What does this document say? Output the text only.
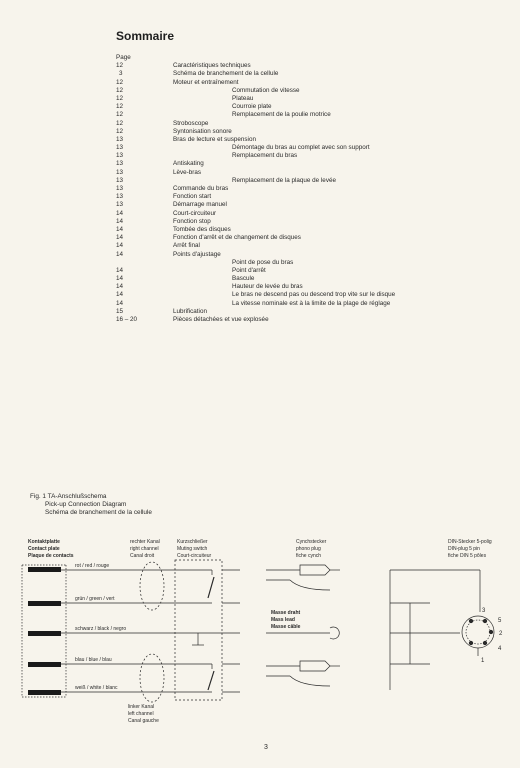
Sommaire
Page
12	Caractéristiques techniques
3	Schéma de branchement de la cellule
12	Moteur et entraînement
12	Commutation de vitesse
12	Plateau
12	Courroie plate
12	Remplacement de la poulie motrice
12	Stroboscope
12	Syntonisation sonore
13	Bras de lecture et suspension
13	Démontage du bras au complet avec son support
13	Remplacement du bras
13	Antiskating
13	Lève-bras
13	Remplacement de la plaque de levée
13	Commande du bras
13	Fonction start
13	Démarrage manuel
14	Court-circuiteur
14	Fonction stop
14	Tombée des disques
14	Fonction d'arrêt et de changement de disques
14	Arrêt final
14	Points d'ajustage
Point de pose du bras
14	Point d'arrêt
14	Bascule
14	Hauteur de levée du bras
14	Le bras ne descend pas ou descend trop vite sur le disque
14	La vitesse nominale est à la limite de la plage de réglage
15	Lubrification
16 – 20	Pièces détachées et vue explosée
Fig. 1 TA-Anschlußschema
Pick-up Connection Diagram
Schéma de branchement de la cellule
Kontaktplatte
Contact plate
Plaque de contacts
rechter Kanal
right channel
Canal droit
Kurzschließer
Muting switch
Court-circuiteur
Cynchstecker
phono plug
fiche cynch
DIN-Stecker 5-polig
DIN-plug 5 pin
fiche DIN 5 pôles
rot / red / rouge
grün / green / vert
schwarz / black / negro
blau / blue / blau
weiß / white / blanc
Masse draht
Mass lead
Masse câble
linker Kanal
left channel
Canal gauche
3
5
2
4
1
3
